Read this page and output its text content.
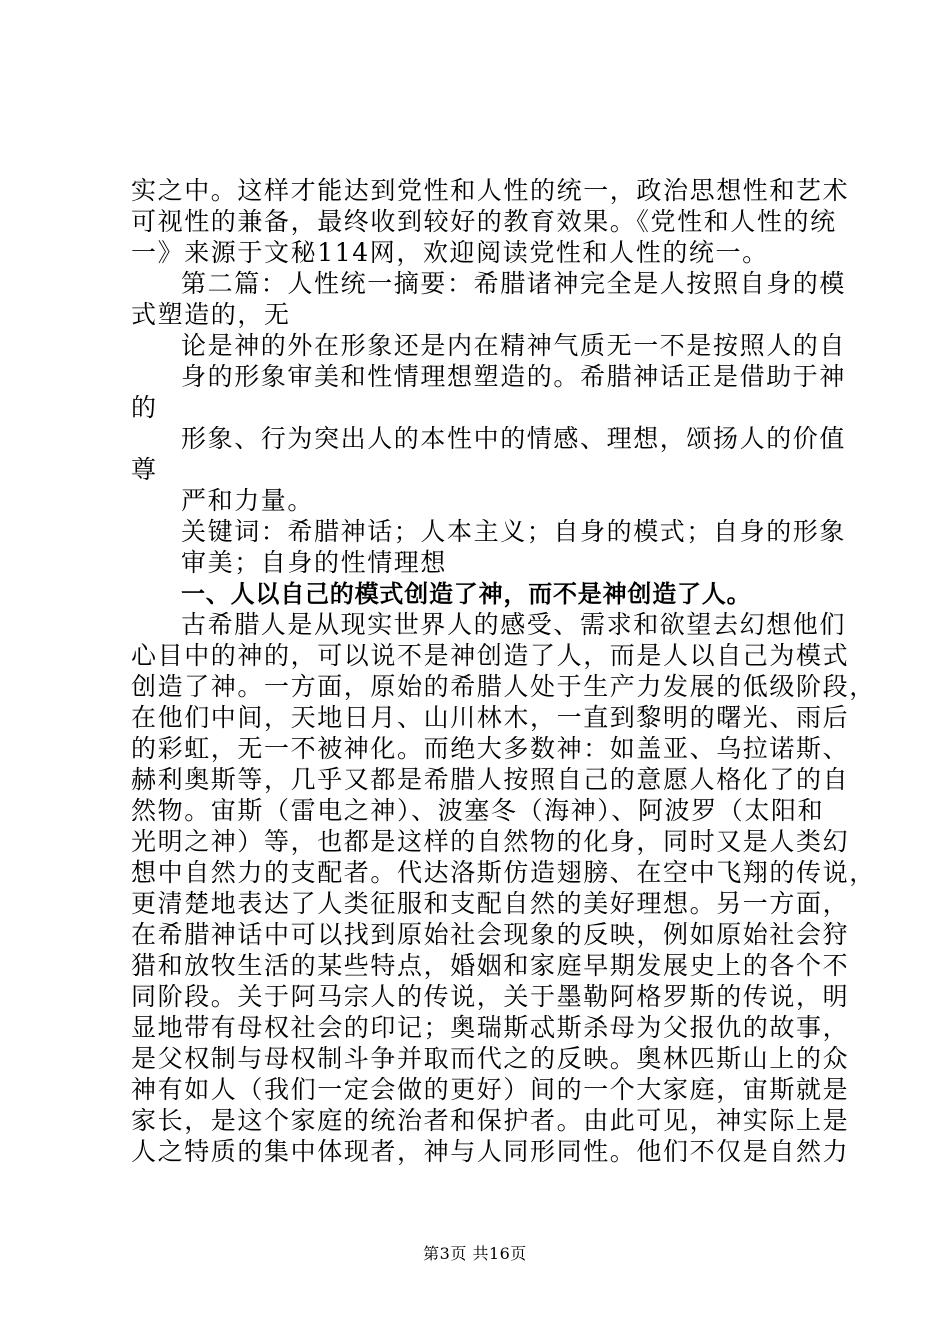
实之中。这样才能达到党性和人性的统一，政治思想性和艺术
可视性的兼备，最终收到较好的教育效果。《党性和人性的统
一》来源于文秘114网，欢迎阅读党性和人性的统一。
第二篇：人性统一摘要：希腊诸神完全是人按照自身的模
式塑造的，无
论是神的外在形象还是内在精神气质无一不是按照人的自
身的形象审美和性情理想塑造的。希腊神话正是借助于神
的
形象、行为突出人的本性中的情感、理想，颂扬人的价值
尊
严和力量。
关键词：希腊神话；人本主义；自身的模式；自身的形象
审美；自身的性情理想
一、人以自己的模式创造了神，而不是神创造了人。
古希腊人是从现实世界人的感受、需求和欲望去幻想他们
心目中的神的，可以说不是神创造了人，而是人以自己为模式
创造了神。一方面，原始的希腊人处于生产力发展的低级阶段，
在他们中间，天地日月、山川林木，一直到黎明的曙光、雨后
的彩虹，无一不被神化。而绝大多数神：如盖亚、乌拉诺斯、
赫利奥斯等，几乎又都是希腊人按照自己的意愿人格化了的自
然物。宙斯（雷电之神）、波塞冬（海神）、阿波罗（太阳和
光明之神）等，也都是这样的自然物的化身，同时又是人类幻
想中自然力的支配者。代达洛斯仿造翅膀、在空中飞翔的传说，
更清楚地表达了人类征服和支配自然的美好理想。另一方面，
在希腊神话中可以找到原始社会现象的反映，例如原始社会狩
猎和放牧生活的某些特点，婚姻和家庭早期发展史上的各个不
同阶段。关于阿马宗人的传说，关于墨勒阿格罗斯的传说，明
显地带有母权社会的印记；奥瑞斯忒斯杀母为父报仇的故事，
是父权制与母权制斗争并取而代之的反映。奥林匹斯山上的众
神有如人（我们一定会做的更好）间的一个大家庭，宙斯就是
家长，是这个家庭的统治者和保护者。由此可见，神实际上是
人之特质的集中体现者，神与人同形同性。他们不仅是自然力
第3页 共16页
